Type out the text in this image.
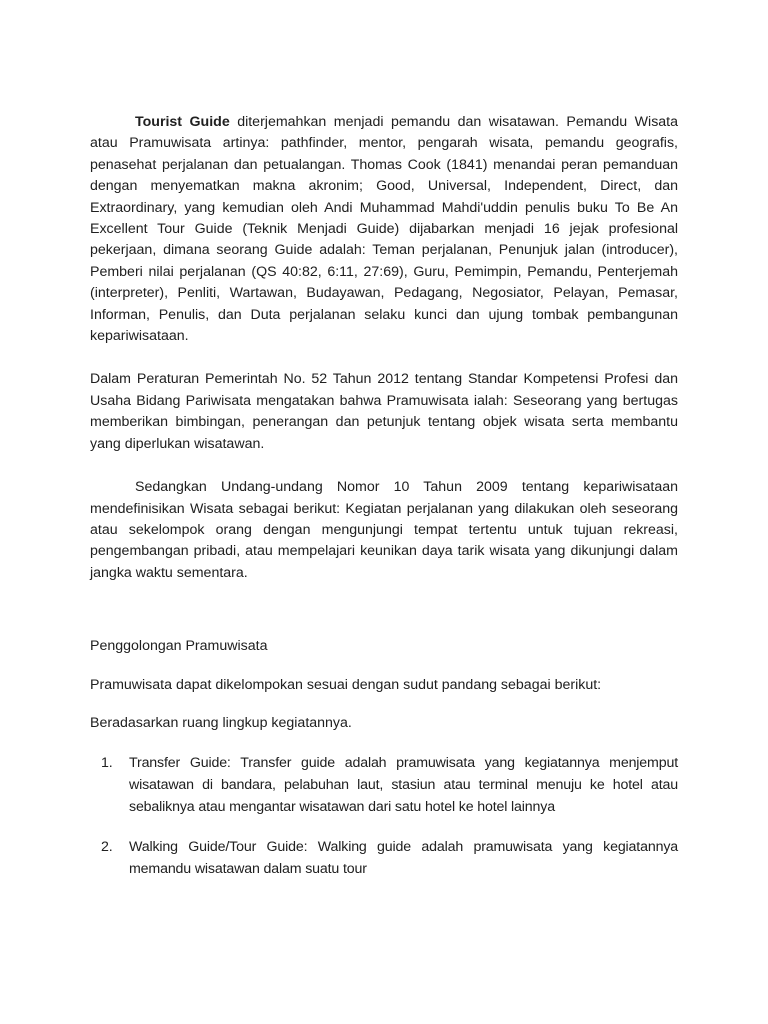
Tourist Guide diterjemahkan menjadi pemandu dan wisatawan. Pemandu Wisata atau Pramuwisata artinya: pathfinder, mentor, pengarah wisata, pemandu geografis, penasehat perjalanan dan petualangan. Thomas Cook (1841) menandai peran pemanduan dengan menyematkan makna akronim; Good, Universal, Independent, Direct, dan Extraordinary, yang kemudian oleh Andi Muhammad Mahdi'uddin penulis buku To Be An Excellent Tour Guide (Teknik Menjadi Guide) dijabarkan menjadi 16 jejak profesional pekerjaan, dimana seorang Guide adalah: Teman perjalanan, Penunjuk jalan (introducer), Pemberi nilai perjalanan (QS 40:82, 6:11, 27:69), Guru, Pemimpin, Pemandu, Penterjemah (interpreter), Penliti, Wartawan, Budayawan, Pedagang, Negosiator, Pelayan, Pemasar, Informan, Penulis, dan Duta perjalanan selaku kunci dan ujung tombak pembangunan kepariwisataan.

Dalam Peraturan Pemerintah No. 52 Tahun 2012 tentang Standar Kompetensi Profesi dan Usaha Bidang Pariwisata mengatakan bahwa Pramuwisata ialah: Seseorang yang bertugas memberikan bimbingan, penerangan dan petunjuk tentang objek wisata serta membantu yang diperlukan wisatawan.

Sedangkan Undang-undang Nomor 10 Tahun 2009 tentang kepariwisataan mendefinisikan Wisata sebagai berikut: Kegiatan perjalanan yang dilakukan oleh seseorang atau sekelompok orang dengan mengunjungi tempat tertentu untuk tujuan rekreasi, pengembangan pribadi, atau mempelajari keunikan daya tarik wisata yang dikunjungi dalam jangka waktu sementara.

Penggolongan Pramuwisata

Pramuwisata dapat dikelompokan sesuai dengan sudut pandang sebagai berikut:

Beradasarkan ruang lingkup kegiatannya.

1. Transfer Guide: Transfer guide adalah pramuwisata yang kegiatannya menjemput wisatawan di bandara, pelabuhan laut, stasiun atau terminal menuju ke hotel atau sebaliknya atau mengantar wisatawan dari satu hotel ke hotel lainnya
2. Walking Guide/Tour Guide: Walking guide adalah pramuwisata yang kegiatannya memandu wisatawan dalam suatu tour
